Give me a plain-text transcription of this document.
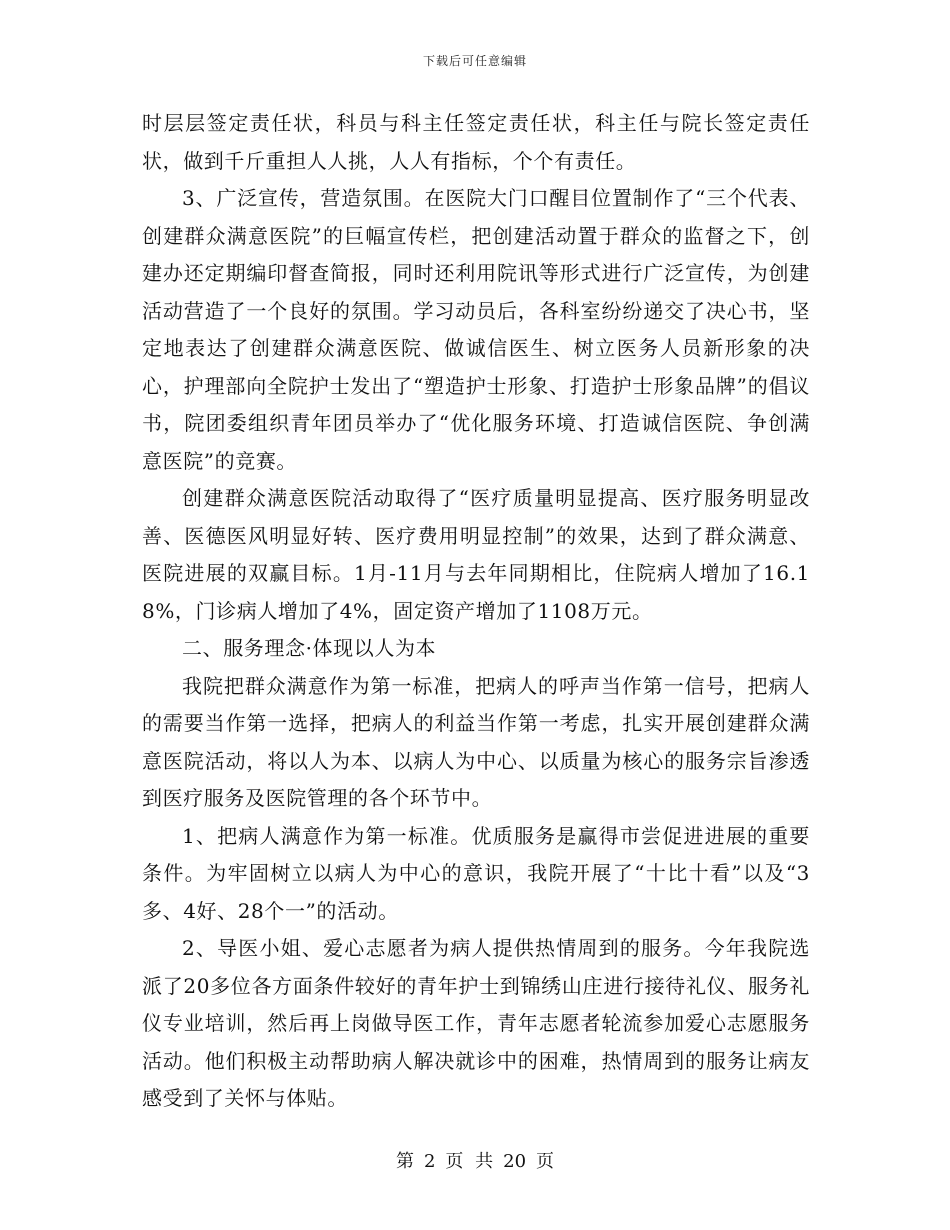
下载后可任意编辑

时层层签定责任状，科员与科主任签定责任状，科主任与院长签定责任状，做到千斤重担人人挑，人人有指标，个个有责任。

3、广泛宣传，营造氛围。在医院大门口醒目位置制作了“三个代表、创建群众满意医院”的巨幅宣传栏，把创建活动置于群众的监督之下，创建办还定期编印督查简报，同时还利用院讯等形式进行广泛宣传，为创建活动营造了一个良好的氛围。学习动员后，各科室纷纷递交了决心书，坚定地表达了创建群众满意医院、做诚信医生、树立医务人员新形象的决心，护理部向全院护士发出了“塑造护士形象、打造护士形象品牌”的倡议书，院团委组织青年团员举办了“优化服务环境、打造诚信医院、争创满意医院”的竞赛。

创建群众满意医院活动取得了“医疗质量明显提高、医疗服务明显改善、医德医风明显好转、医疗费用明显控制”的效果，达到了群众满意、医院进展的双赢目标。1月-11月与去年同期相比，住院病人增加了16.18%，门诊病人增加了4%，固定资产增加了1108万元。

二、服务理念·体现以人为本

我院把群众满意作为第一标准，把病人的呼声当作第一信号，把病人的需要当作第一选择，把病人的利益当作第一考虑，扎实开展创建群众满意医院活动，将以人为本、以病人为中心、以质量为核心的服务宗旨渗透到医疗服务及医院管理的各个环节中。

1、把病人满意作为第一标准。优质服务是赢得市尝促进进展的重要条件。为牢固树立以病人为中心的意识，我院开展了“十比十看”以及“3多、4好、28个一”的活动。

2、导医小姐、爱心志愿者为病人提供热情周到的服务。今年我院选派了20多位各方面条件较好的青年护士到锦绣山庄进行接待礼仪、服务礼仪专业培训，然后再上岗做导医工作，青年志愿者轮流参加爱心志愿服务活动。他们积极主动帮助病人解决就诊中的困难，热情周到的服务让病友感受到了关怀与体贴。

第 2 页 共 20 页
